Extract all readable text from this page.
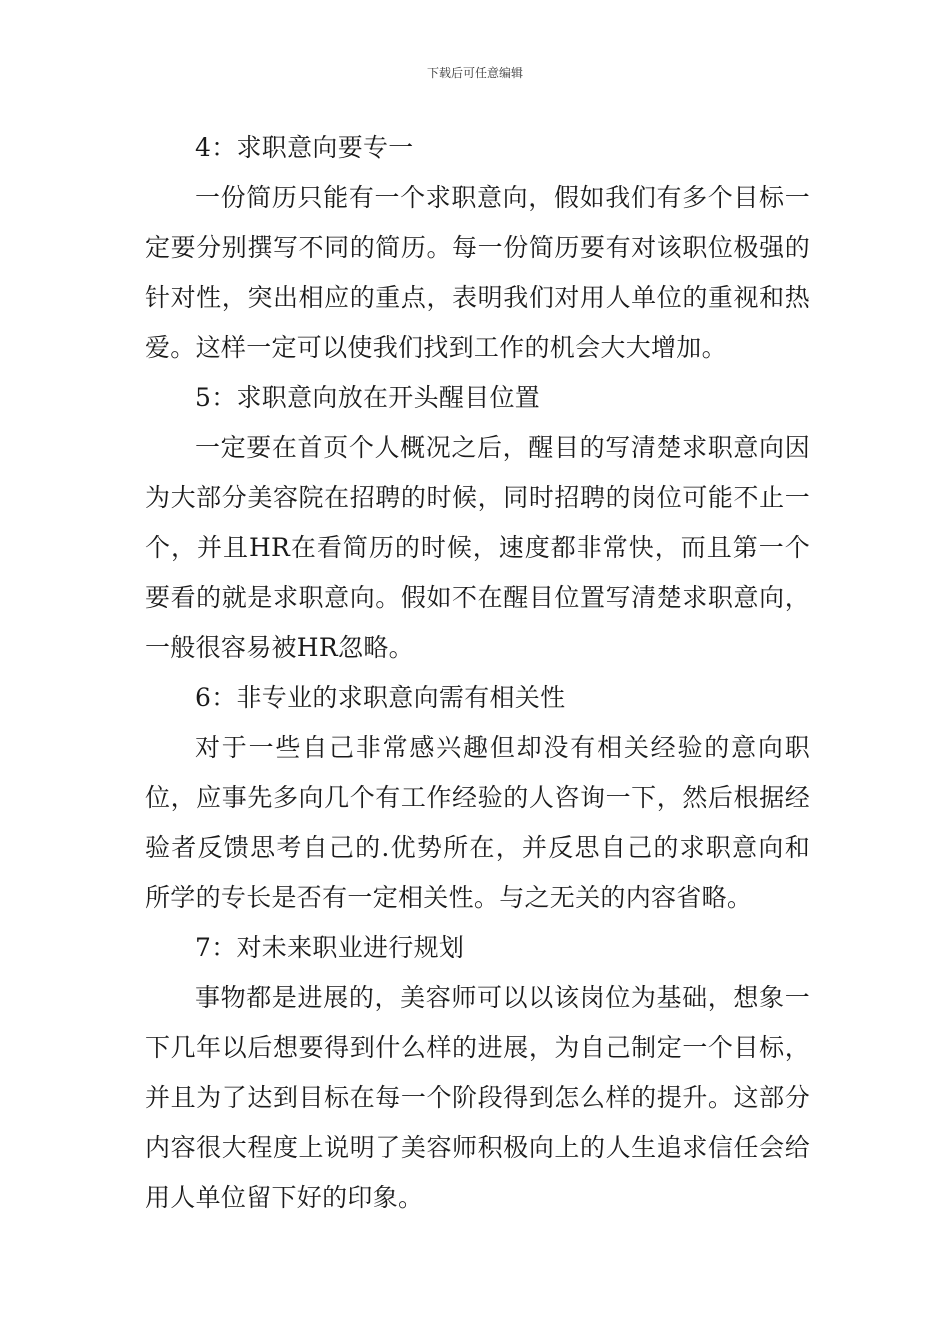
下载后可任意编辑

4：求职意向要专一

一份简历只能有一个求职意向，假如我们有多个目标一定要分别撰写不同的简历。每一份简历要有对该职位极强的针对性，突出相应的重点，表明我们对用人单位的重视和热爱。这样一定可以使我们找到工作的机会大大增加。

5：求职意向放在开头醒目位置

一定要在首页个人概况之后，醒目的写清楚求职意向因为大部分美容院在招聘的时候，同时招聘的岗位可能不止一个，并且HR在看简历的时候，速度都非常快，而且第一个要看的就是求职意向。假如不在醒目位置写清楚求职意向，一般很容易被HR忽略。

6：非专业的求职意向需有相关性

对于一些自己非常感兴趣但却没有相关经验的意向职位，应事先多向几个有工作经验的人咨询一下，然后根据经验者反馈思考自己的.优势所在，并反思自己的求职意向和所学的专长是否有一定相关性。与之无关的内容省略。

7：对未来职业进行规划

事物都是进展的，美容师可以以该岗位为基础，想象一下几年以后想要得到什么样的进展，为自己制定一个目标，并且为了达到目标在每一个阶段得到怎么样的提升。这部分内容很大程度上说明了美容师积极向上的人生追求信任会给用人单位留下好的印象。
